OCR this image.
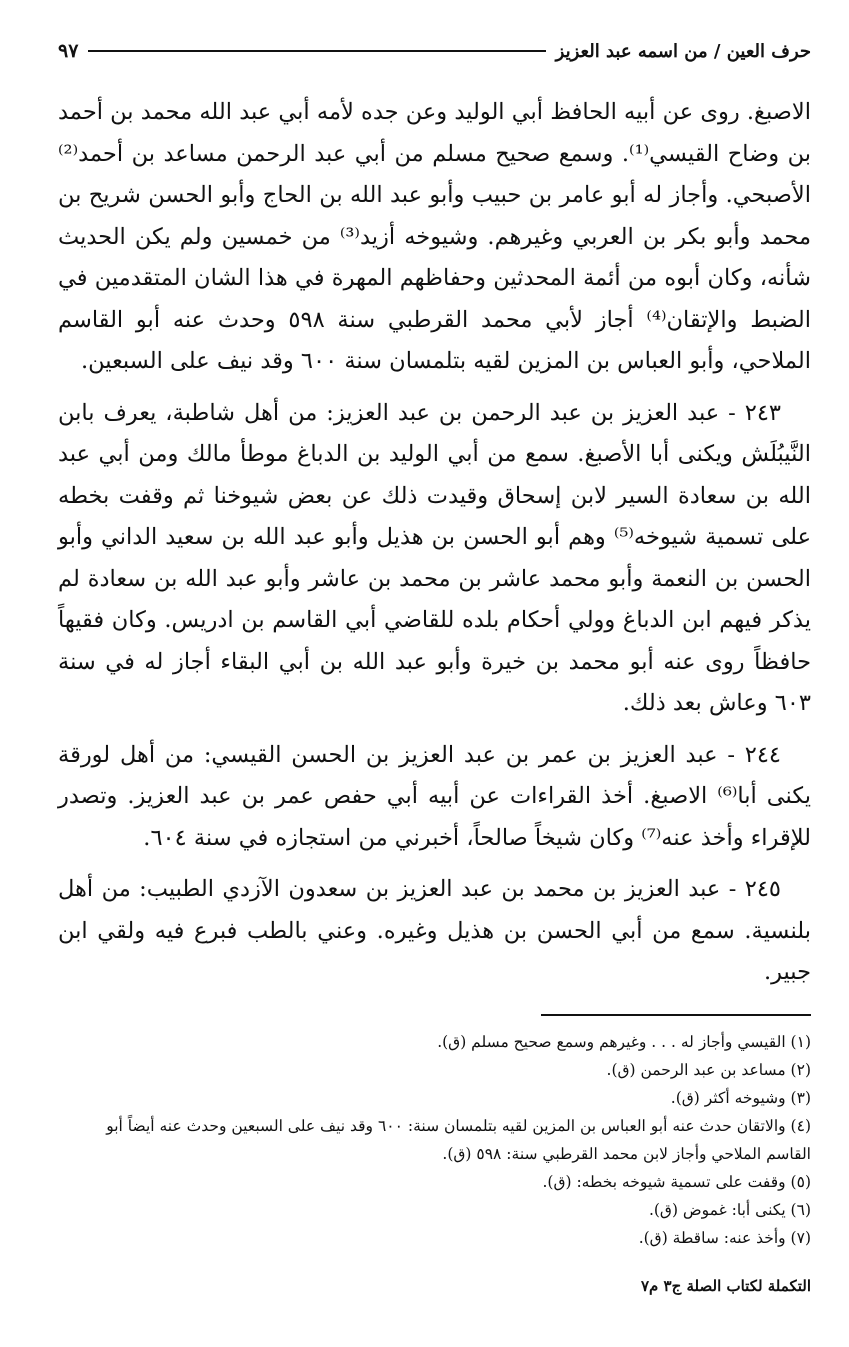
حرف العين / من اسمه عبد العزيز
٩٧

الاصبغ. روى عن أبيه الحافظ أبي الوليد وعن جده لأمه أبي عبد الله محمد بن أحمد بن وضاح القيسي⁽¹⁾. وسمع صحيح مسلم من أبي عبد الرحمن مساعد بن أحمد⁽²⁾ الأصبحي. وأجاز له أبو عامر بن حبيب وأبو عبد الله بن الحاج وأبو الحسن شريح بن محمد وأبو بكر بن العربي وغيرهم. وشيوخه أزيد⁽³⁾ من خمسين ولم يكن الحديث شأنه، وكان أبوه من أئمة المحدثين وحفاظهم المهرة في هذا الشان المتقدمين في الضبط والإتقان⁽⁴⁾ أجاز لأبي محمد القرطبي سنة ٥٩٨ وحدث عنه أبو القاسم الملاحي، وأبو العباس بن المزين لقيه بتلمسان سنة ٦٠٠ وقد نيف على السبعين.

٢٤٣ - عبد العزيز بن عبد الرحمن بن عبد العزيز: من أهل شاطبة، يعرف بابن النَّيبُلَش ويكنى أبا الأصبغ. سمع من أبي الوليد بن الدباغ موطأ مالك ومن أبي عبد الله بن سعادة السير لابن إسحاق وقيدت ذلك عن بعض شيوخنا ثم وقفت بخطه على تسمية شيوخه⁽⁵⁾ وهم أبو الحسن بن هذيل وأبو عبد الله بن سعيد الداني وأبو الحسن بن النعمة وأبو محمد عاشر بن محمد بن عاشر وأبو عبد الله بن سعادة لم يذكر فيهم ابن الدباغ وولي أحكام بلده للقاضي أبي القاسم بن ادريس. وكان فقيهاً حافظاً روى عنه أبو محمد بن خيرة وأبو عبد الله بن أبي البقاء أجاز له في سنة ٦٠٣ وعاش بعد ذلك.

٢٤٤ - عبد العزيز بن عمر بن عبد العزيز بن الحسن القيسي: من أهل لورقة يكنى أبا⁽⁶⁾ الاصبغ. أخذ القراءات عن أبيه أبي حفص عمر بن عبد العزيز. وتصدر للإقراء وأخذ عنه⁽⁷⁾ وكان شيخاً صالحاً، أخبرني من استجازه في سنة ٦٠٤.

٢٤٥ - عبد العزيز بن محمد بن عبد العزيز بن سعدون الآزدي الطبيب: من أهل بلنسية. سمع من أبي الحسن بن هذيل وغيره. وعني بالطب فبرع فيه ولقي ابن جبير.

(١) القيسي وأجاز له . . . وغيرهم وسمع صحيح مسلم (ق).

(٢) مساعد بن عبد الرحمن (ق).

(٣) وشيوخه أكثر (ق).

(٤) والاتقان حدث عنه أبو العباس بن المزين لقيه بتلمسان سنة: ٦٠٠ وقد نيف على السبعين وحدث عنه أيضاً أبو القاسم الملاحي وأجاز لابن محمد القرطبي سنة: ٥٩٨ (ق).

(٥) وقفت على تسمية شيوخه بخطه: (ق).

(٦) يكنى أبا: غموض (ق).

(٧) وأخذ عنه: ساقطة (ق).

التكملة لكتاب الصلة ج٣ م٧
